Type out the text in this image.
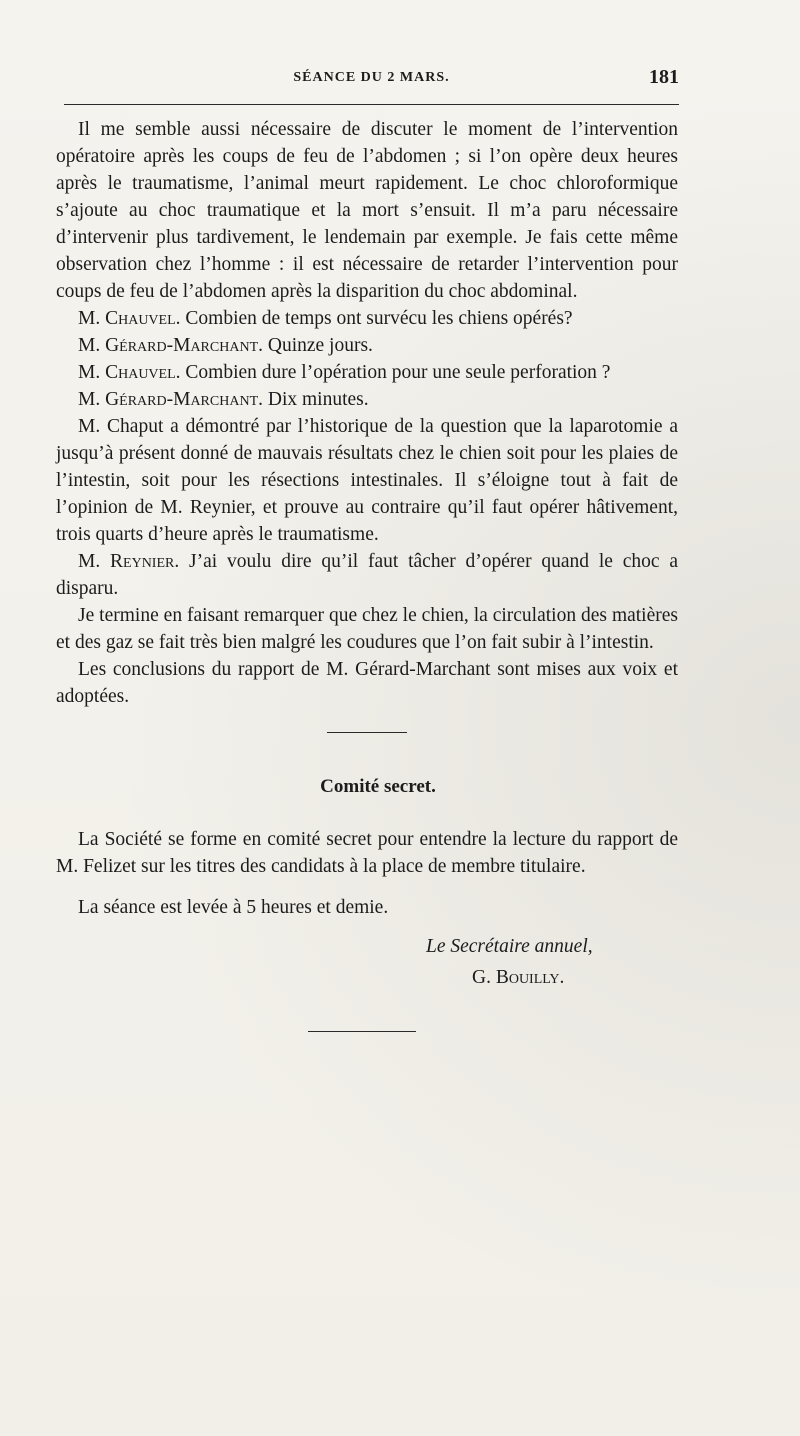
SÉANCE DU 2 MARS.	181

Il me semble aussi nécessaire de discuter le moment de l’intervention opératoire après les coups de feu de l’abdomen ; si l’on opère deux heures après le traumatisme, l’animal meurt rapidement. Le choc chloroformique s’ajoute au choc traumatique et la mort s’ensuit. Il m’a paru nécessaire d’intervenir plus tardivement, le lendemain par exemple. Je fais cette même observation chez l’homme : il est nécessaire de retarder l’intervention pour coups de feu de l’abdomen après la disparition du choc abdominal.

M. Chauvel. Combien de temps ont survécu les chiens opérés?

M. Gérard-Marchant. Quinze jours.

M. Chauvel. Combien dure l’opération pour une seule perforation ?

M. Gérard-Marchant. Dix minutes.

M. Chaput a démontré par l’historique de la question que la laparotomie a jusqu’à présent donné de mauvais résultats chez le chien soit pour les plaies de l’intestin, soit pour les résections intestinales. Il s’éloigne tout à fait de l’opinion de M. Reynier, et prouve au contraire qu’il faut opérer hâtivement, trois quarts d’heure après le traumatisme.

M. Reynier. J’ai voulu dire qu’il faut tâcher d’opérer quand le choc a disparu.

Je termine en faisant remarquer que chez le chien, la circulation des matières et des gaz se fait très bien malgré les coudures que l’on fait subir à l’intestin.

Les conclusions du rapport de M. Gérard-Marchant sont mises aux voix et adoptées.

Comité secret.

La Société se forme en comité secret pour entendre la lecture du rapport de M. Felizet sur les titres des candidats à la place de membre titulaire.

La séance est levée à 5 heures et demie.

Le Secrétaire annuel,
G. Bouilly.
